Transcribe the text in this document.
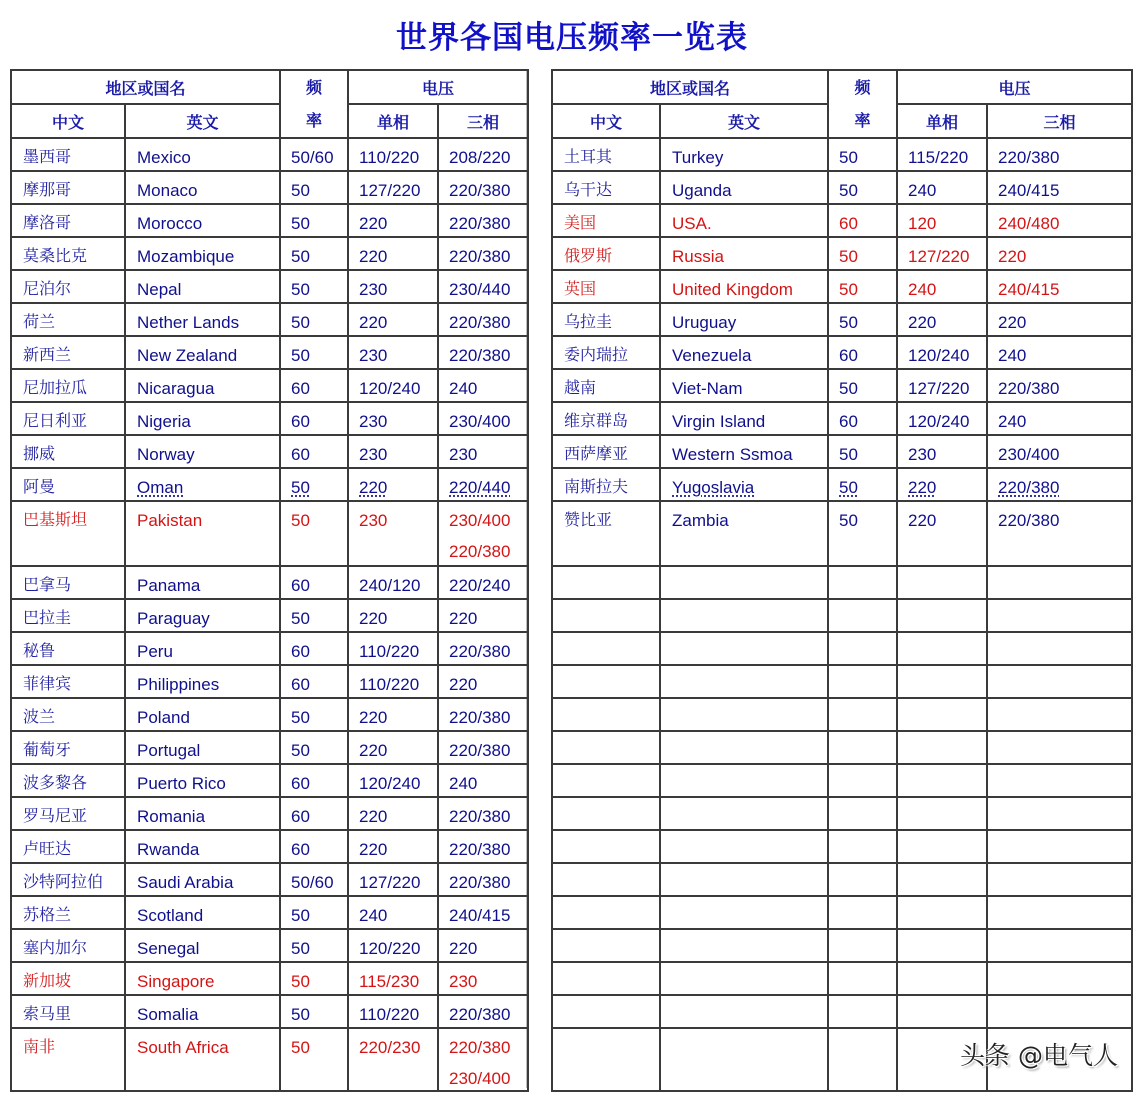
世界各国电压频率一览表
地区或国名		频
率	电压	
中文	英文		单相	三相
墨西哥	Mexico	50/60	110/220	208/220
摩那哥	Monaco	50	127/220	220/380
摩洛哥	Morocco	50	220	220/380
莫桑比克	Mozambique	50	220	220/380
尼泊尔	Nepal	50	230	230/440
荷兰	Nether Lands	50	220	220/380
新西兰	New Zealand	50	230	220/380
尼加拉瓜	Nicaragua	60	120/240	240
尼日利亚	Nigeria	60	230	230/400
挪威	Norway	60	230	230
阿曼	Oman	50	220	220/440
巴基斯坦	Pakistan	50	230	230/400
220/380

巴拿马	Panama	60	240/120	220/240
巴拉圭	Paraguay	50	220	220
秘鲁	Peru	60	110/220	220/380
菲律宾	Philippines	60	110/220	220
波兰	Poland	50	220	220/380
葡萄牙	Portugal	50	220	220/380
波多黎各	Puerto Rico	60	120/240	240
罗马尼亚	Romania	60	220	220/380
卢旺达	Rwanda	60	220	220/380
沙特阿拉伯	Saudi Arabia	50/60	127/220	220/380
苏格兰	Scotland	50	240	240/415
塞内加尔	Senegal	50	120/220	220
新加坡	Singapore	50	115/230	230
索马里	Somalia	50	110/220	220/380
南非	South Africa	50	220/230	220/380
230/400
地区或国名		频
率	电压	
中文	英文		单相	三相
土耳其	Turkey	50	115/220	220/380
乌干达	Uganda	50	240	240/415
美国	USA.	60	120	240/480
俄罗斯	Russia	50	127/220	220
英国	United Kingdom	50	240	240/415
乌拉圭	Uruguay	50	220	220
委内瑞拉	Venezuela	60	120/240	240
越南	Viet-Nam	50	127/220	220/380
维京群岛	Virgin Island	60	120/240	240
西萨摩亚	Western Ssmoa	50	230	230/400
南斯拉夫	Yugoslavia	50	220	220/380
赞比亚	Zambia	50	220	220/380

头条 @电气人
